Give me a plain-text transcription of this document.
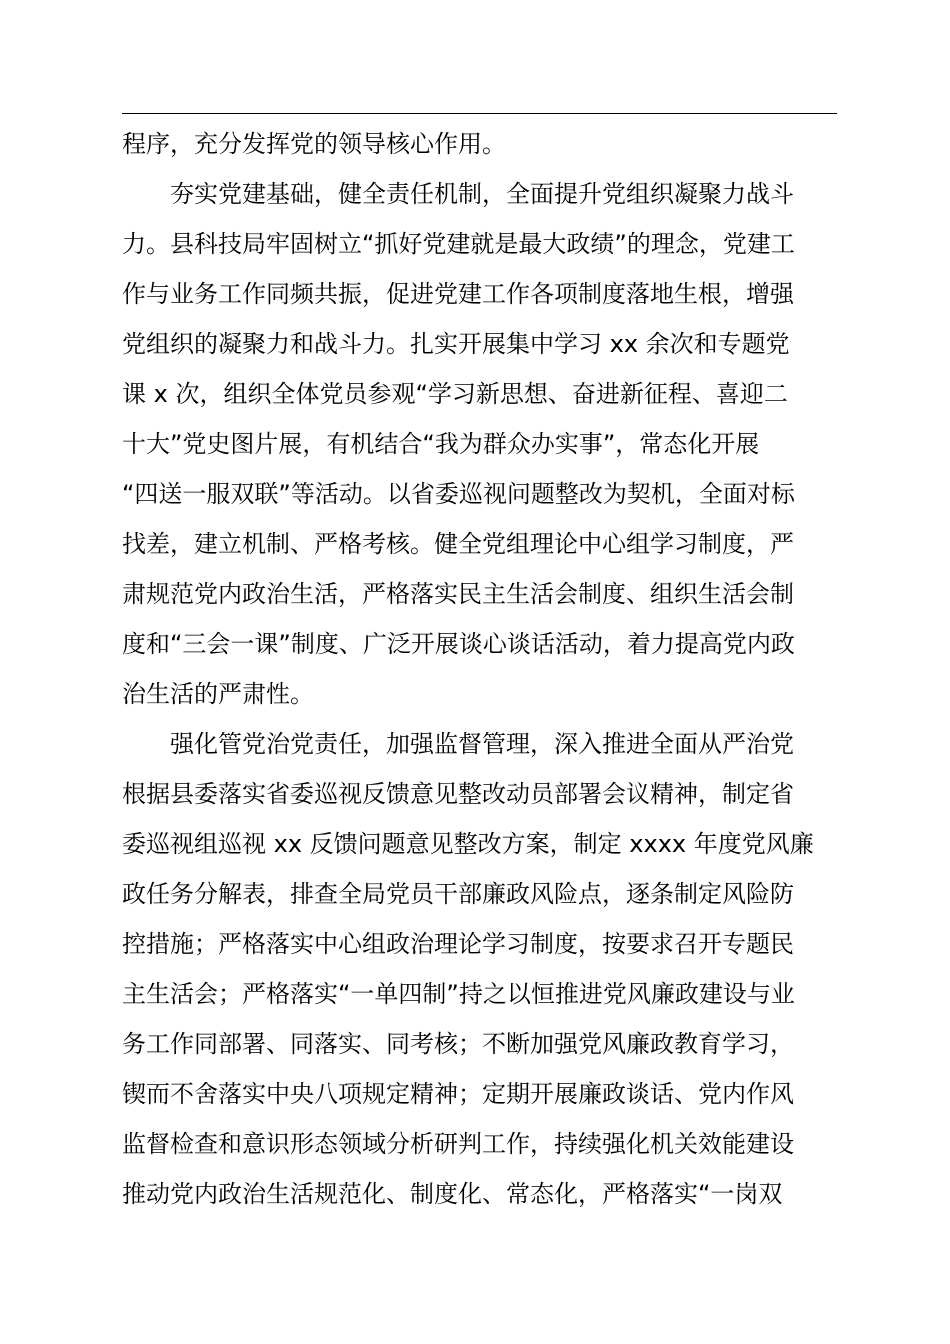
程序，充分发挥党的领导核心作用。
夯实党建基础，健全责任机制，全面提升党组织凝聚力战斗
力。县科技局牢固树立“抓好党建就是最大政绩”的理念，党建工
作与业务工作同频共振，促进党建工作各项制度落地生根，增强
党组织的凝聚力和战斗力。扎实开展集中学习 xx 余次和专题党
课 x 次，组织全体党员参观“学习新思想、奋进新征程、喜迎二
十大”党史图片展，有机结合“我为群众办实事”，常态化开展
“四送一服双联”等活动。以省委巡视问题整改为契机，全面对标
找差，建立机制、严格考核。健全党组理论中心组学习制度，严
肃规范党内政治生活，严格落实民主生活会制度、组织生活会制
度和“三会一课”制度、广泛开展谈心谈话活动，着力提高党内政
治生活的严肃性。
强化管党治党责任，加强监督管理，深入推进全面从严治党
根据县委落实省委巡视反馈意见整改动员部署会议精神，制定省
委巡视组巡视 xx 反馈问题意见整改方案，制定 xxxx 年度党风廉
政任务分解表，排查全局党员干部廉政风险点，逐条制定风险防
控措施；严格落实中心组政治理论学习制度，按要求召开专题民
主生活会；严格落实“一单四制”持之以恒推进党风廉政建设与业
务工作同部署、同落实、同考核；不断加强党风廉政教育学习，
锲而不舍落实中央八项规定精神；定期开展廉政谈话、党内作风
监督检查和意识形态领域分析研判工作，持续强化机关效能建设
推动党内政治生活规范化、制度化、常态化，严格落实“一岗双
